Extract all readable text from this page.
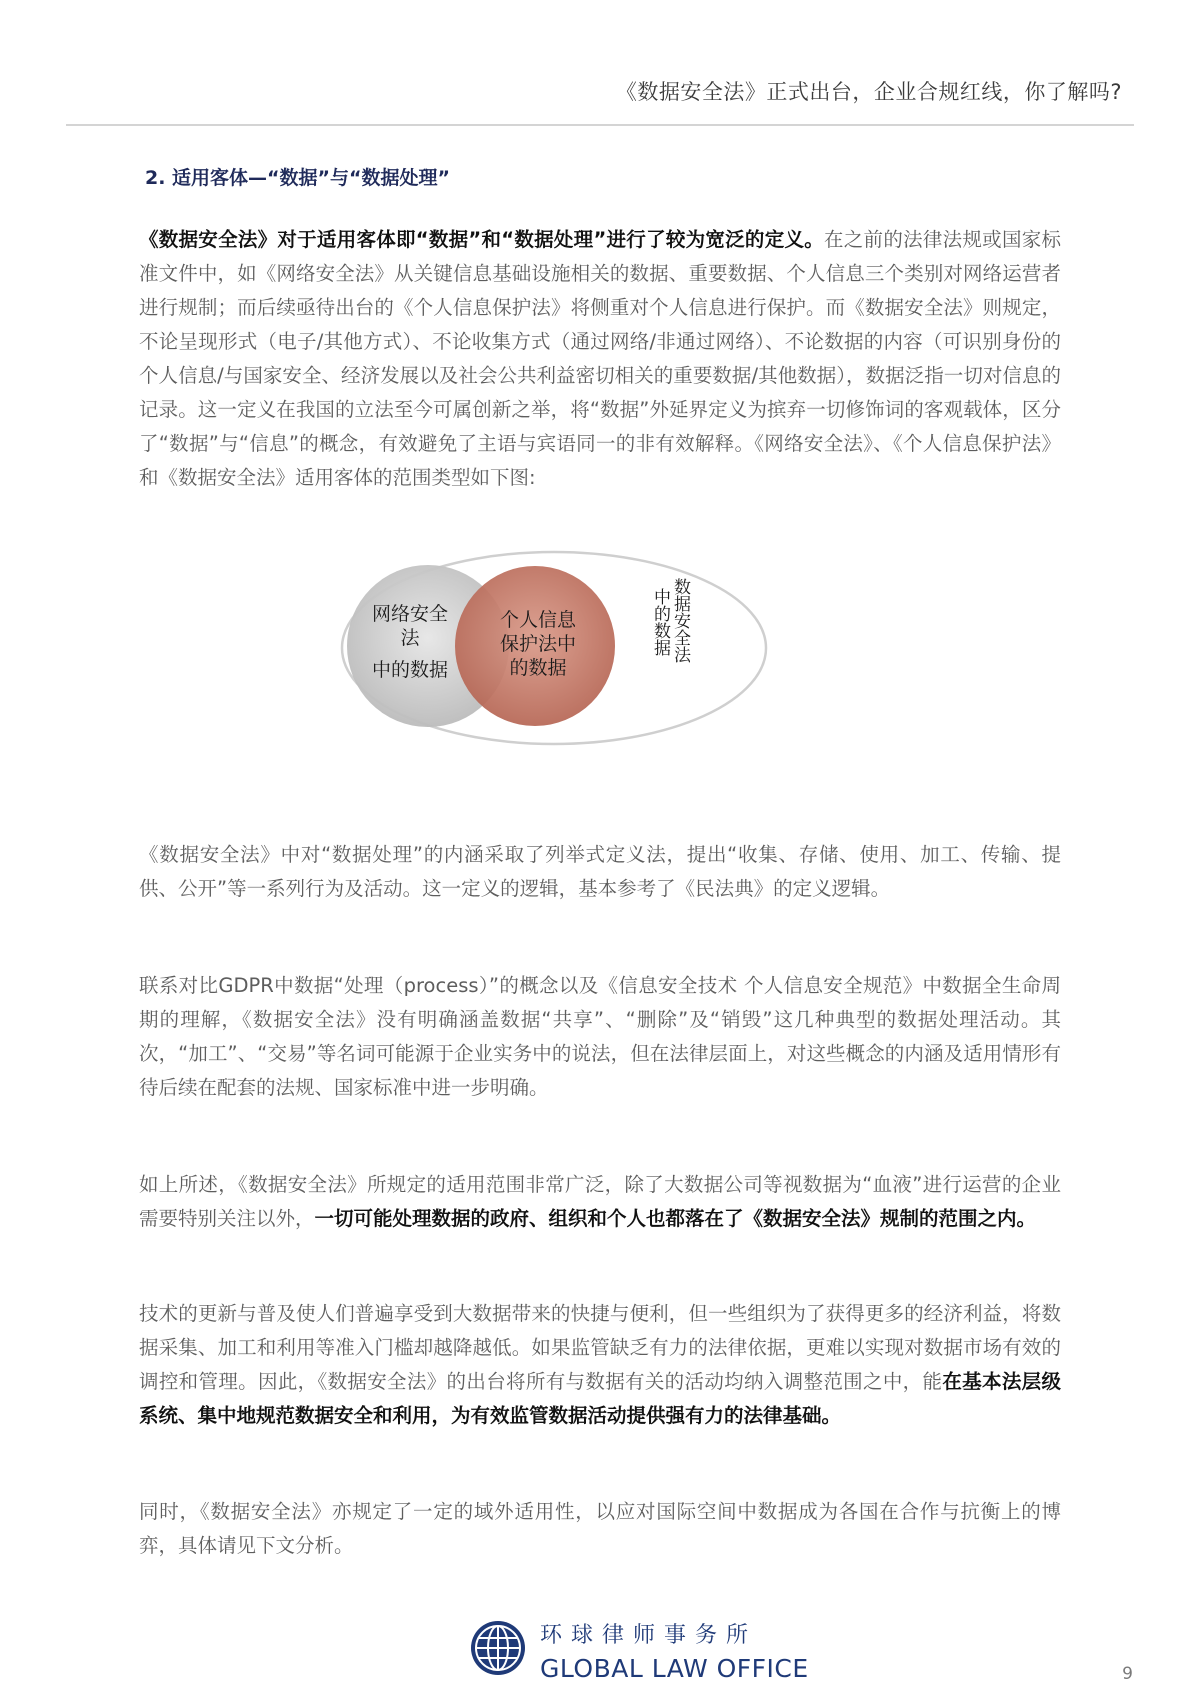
《数据安全法》正式出台，企业合规红线，你了解吗?
2. 适用客体—“数据”与“数据处理”

《数据安全法》对于适用客体即“数据”和“数据处理”进行了较为宽泛的定义。在之前的法律法规或国家标准文件中，如《网络安全法》从关键信息基础设施相关的数据、重要数据、个人信息三个类别对网络运营者进行规制；而后续亟待出台的《个人信息保护法》将侧重对个人信息进行保护。而《数据安全法》则规定，不论呈现形式（电子/其他方式）、不论收集方式（通过网络/非通过网络）、不论数据的内容（可识别身份的个人信息/与国家安全、经济发展以及社会公共利益密切相关的重要数据/其他数据），数据泛指一切对信息的记录。这一定义在我国的立法至今可属创新之举，将“数据”外延界定义为摈弃一切修饰词的客观载体，区分了“数据”与“信息”的概念，有效避免了主语与宾语同一的非有效解释。《网络安全法》、《个人信息保护法》和《数据安全法》适用客体的范围类型如下图:

网络安全
法
中的数据
个人信息
保护法中
的数据
数据安全法
中的数据

《数据安全法》中对“数据处理”的内涵采取了列举式定义法，提出“收集、存储、使用、加工、传输、提供、公开”等一系列行为及活动。这一定义的逻辑，基本参考了《民法典》的定义逻辑。

联系对比GDPR中数据“处理（process）”的概念以及《信息安全技术 个人信息安全规范》中数据全生命周期的理解，《数据安全法》没有明确涵盖数据“共享”、“删除”及“销毁”这几种典型的数据处理活动。其次，“加工”、“交易”等名词可能源于企业实务中的说法，但在法律层面上，对这些概念的内涵及适用情形有待后续在配套的法规、国家标准中进一步明确。

如上所述，《数据安全法》所规定的适用范围非常广泛，除了大数据公司等视数据为“血液”进行运营的企业需要特别关注以外，一切可能处理数据的政府、组织和个人也都落在了《数据安全法》规制的范围之内。

技术的更新与普及使人们普遍享受到大数据带来的快捷与便利，但一些组织为了获得更多的经济利益，将数据采集、加工和利用等准入门槛却越降越低。如果监管缺乏有力的法律依据，更难以实现对数据市场有效的调控和管理。因此，《数据安全法》的出台将所有与数据有关的活动均纳入调整范围之中，能在基本法层级系统、集中地规范数据安全和利用，为有效监管数据活动提供强有力的法律基础。

同时，《数据安全法》亦规定了一定的域外适用性，以应对国际空间中数据成为各国在合作与抗衡上的博弈，具体请见下文分析。

环球律师事务所
GLOBAL LAW OFFICE	9
